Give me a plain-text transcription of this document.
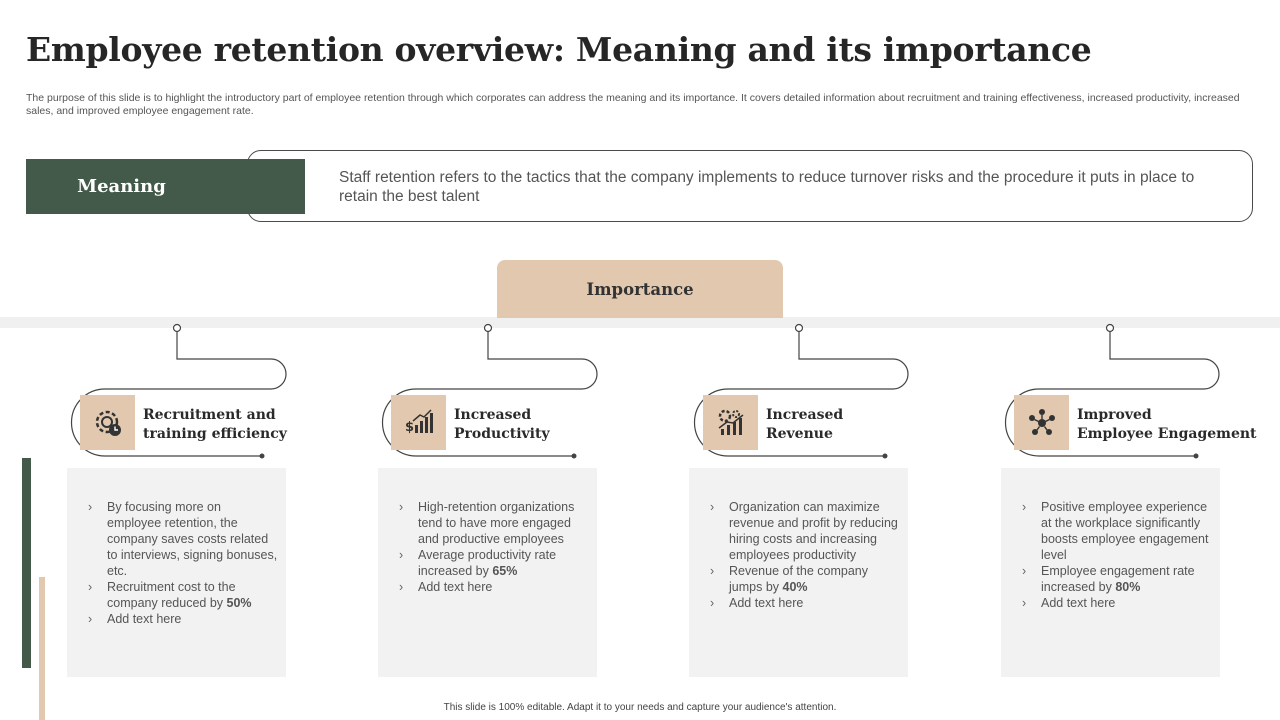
Employee retention overview: Meaning and its importance
The purpose of this slide is to highlight the introductory part of employee retention through which corporates can address the meaning and its importance. It covers detailed information about recruitment and training effectiveness, increased productivity, increased sales, and improved employee engagement rate.
Meaning	Staff retention refers to the tactics that the company implements to reduce turnover risks and the procedure it puts in place to retain the best talent
Importance
Recruitment and
training efficiency
› By focusing more on employee retention, the company saves costs related to interviews, signing bonuses, etc.
› Recruitment cost to the company reduced by 50%
› Add text here
$
Increased
Productivity
› High-retention organizations tend to have more engaged and productive employees
› Average productivity rate increased by 65%
› Add text here
Increased
Revenue
› Organization can maximize revenue and profit by reducing hiring costs and increasing employees productivity
› Revenue of the company jumps by 40%
› Add text here
Improved
Employee Engagement
› Positive employee experience at the workplace significantly boosts employee engagement level
› Employee engagement rate increased by 80%
› Add text here
This slide is 100% editable. Adapt it to your needs and capture your audience's attention.
